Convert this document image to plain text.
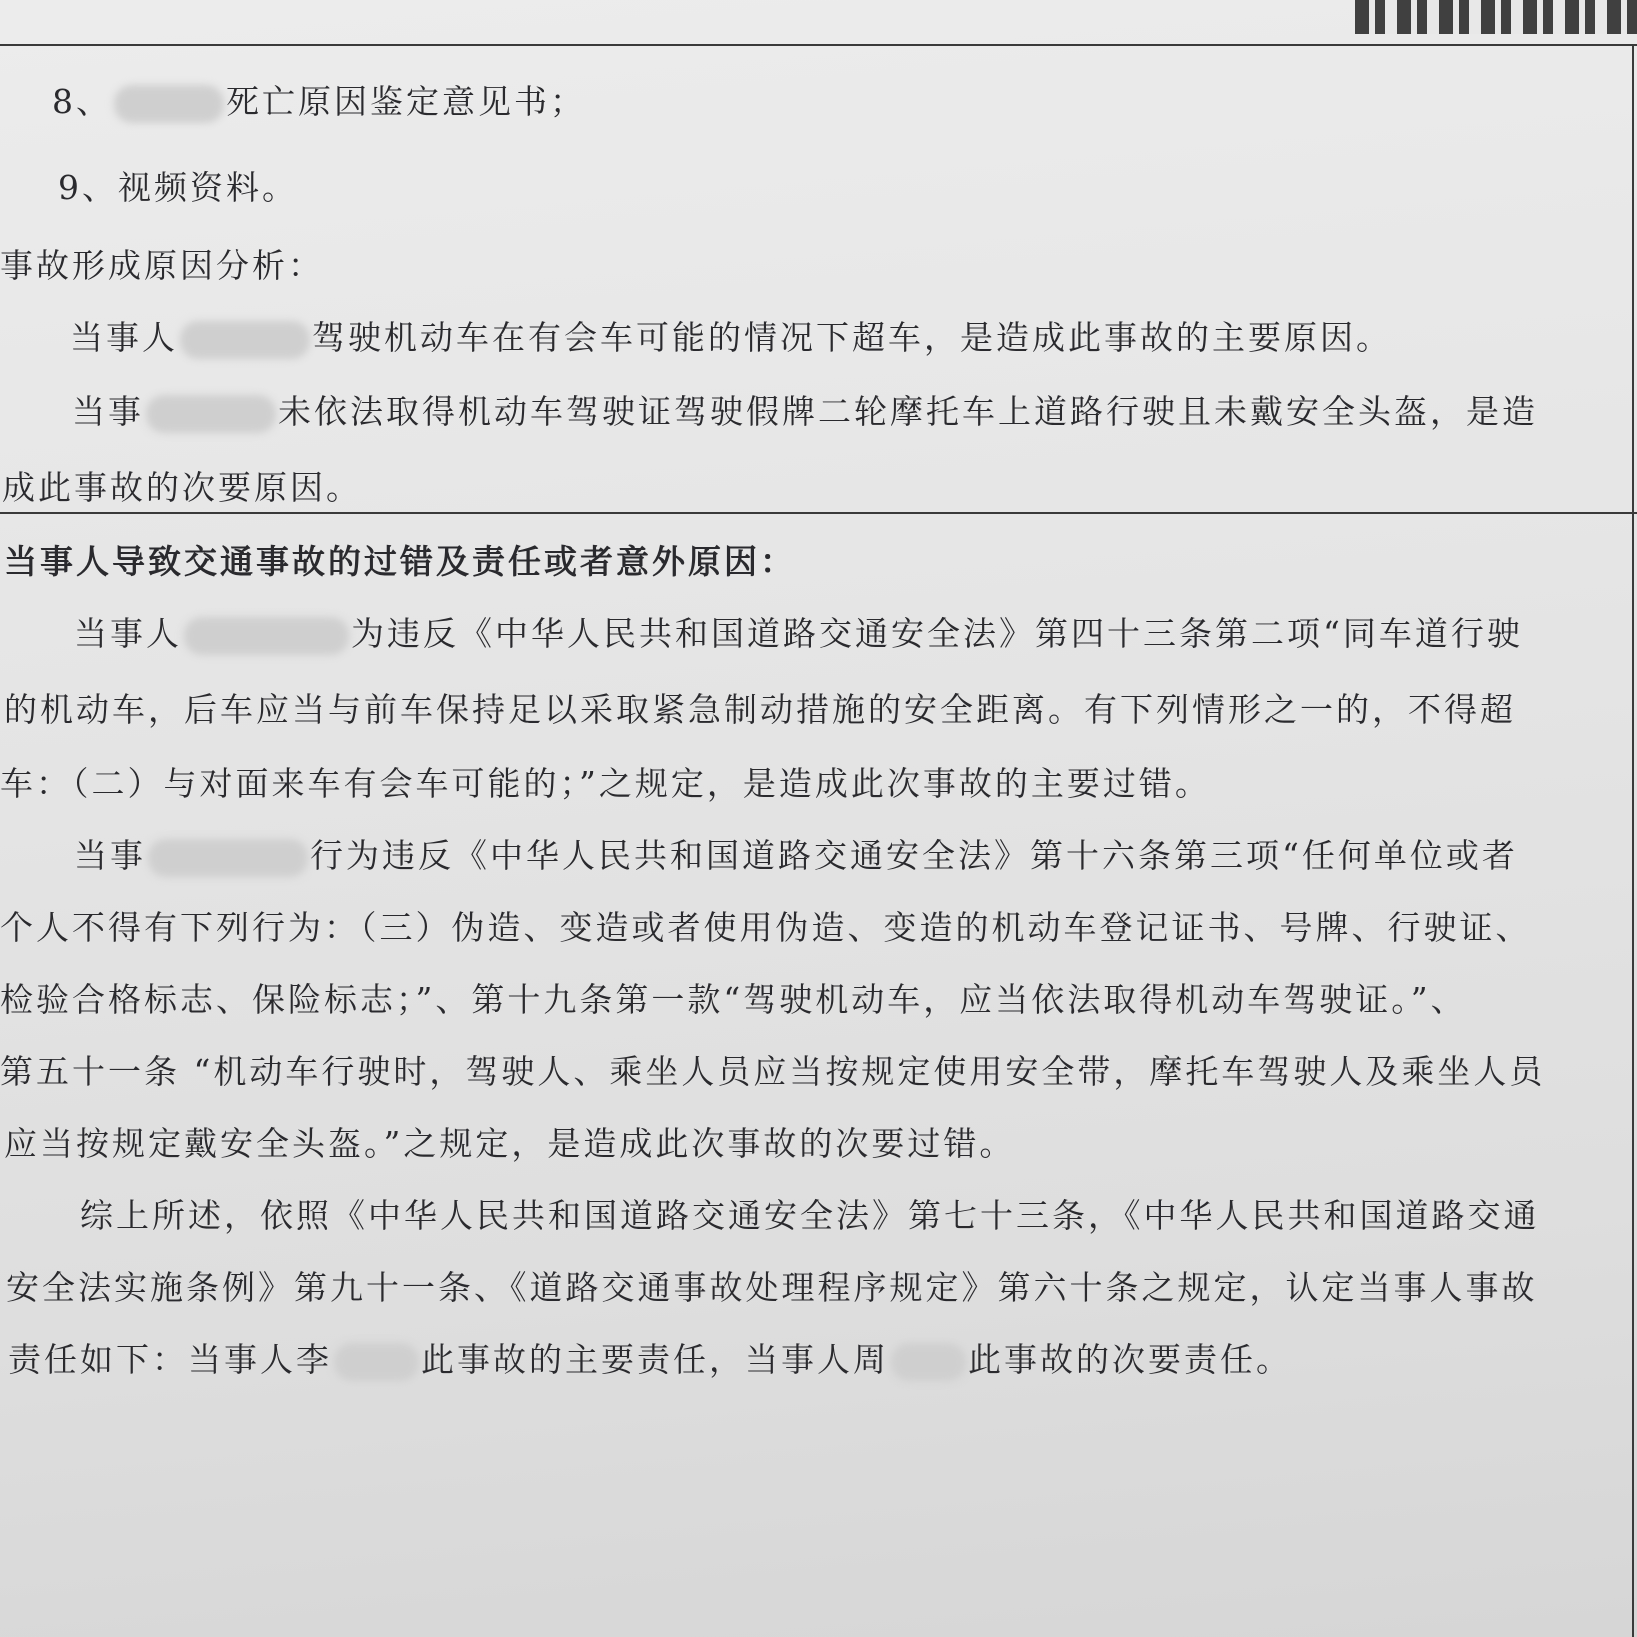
8、	死亡原因鉴定意见书；
9、视频资料。
事故形成原因分析：
当事人	驾驶机动车在有会车可能的情况下超车，是造成此事故的主要原因。
当事	未依法取得机动车驾驶证驾驶假牌二轮摩托车上道路行驶且未戴安全头盔，是造
成此事故的次要原因。
当事人导致交通事故的过错及责任或者意外原因：
当事人	为违反《中华人民共和国道路交通安全法》第四十三条第二项“同车道行驶
的机动车，后车应当与前车保持足以采取紧急制动措施的安全距离。有下列情形之一的，不得超
车：（二）与对面来车有会车可能的；”之规定，是造成此次事故的主要过错。
当事	行为违反《中华人民共和国道路交通安全法》第十六条第三项“任何单位或者
个人不得有下列行为：（三）伪造、变造或者使用伪造、变造的机动车登记证书、号牌、行驶证、
检验合格标志、保险标志；”、第十九条第一款“驾驶机动车，应当依法取得机动车驾驶证。”、
第五十一条 “机动车行驶时，驾驶人、乘坐人员应当按规定使用安全带，摩托车驾驶人及乘坐人员
应当按规定戴安全头盔。”之规定，是造成此次事故的次要过错。
综上所述，依照《中华人民共和国道路交通安全法》第七十三条，《中华人民共和国道路交通
安全法实施条例》第九十一条、《道路交通事故处理程序规定》第六十条之规定，认定当事人事故
责任如下：当事人李	此事故的主要责任，当事人周 此事故的次要责任。
